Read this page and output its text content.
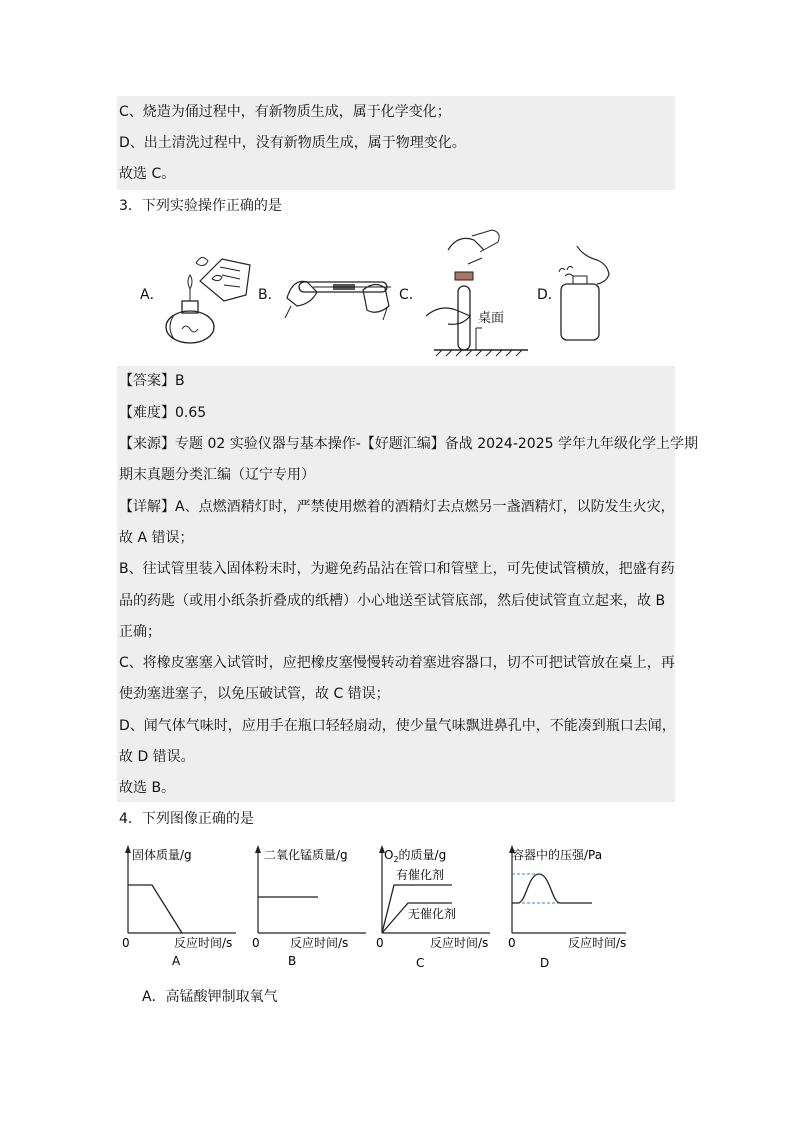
C、烧造为俑过程中，有新物质生成，属于化学变化；
D、出土清洗过程中，没有新物质生成，属于物理变化。
故选 C。
3．下列实验操作正确的是
A．	B．	C．	D．
桌面
【答案】B
【难度】0.65
【来源】专题 02 实验仪器与基本操作-【好题汇编】备战 2024-2025 学年九年级化学上学期
期末真题分类汇编（辽宁专用）
【详解】A、点燃酒精灯时，严禁使用燃着的酒精灯去点燃另一盏酒精灯，以防发生火灾，
故 A 错误；
B、往试管里装入固体粉末时，为避免药品沾在管口和管壁上，可先使试管横放，把盛有药
品的药匙（或用小纸条折叠成的纸槽）小心地送至试管底部，然后使试管直立起来，故 B
正确；
C、将橡皮塞塞入试管时，应把橡皮塞慢慢转动着塞进容器口，切不可把试管放在桌上，再
使劲塞进塞子，以免压破试管，故 C 错误；
D、闻气体气味时，应用手在瓶口轻轻扇动，使少量气味飘进鼻孔中，不能凑到瓶口去闻，
故 D 错误。
故选 B。
4．下列图像正确的是
固体质量/g
0	反应时间/s
A
二氧化锰质量/g
0	反应时间/s
B
$O_2$的质量/g
有催化剂
无催化剂
0	反应时间/s
C
容器中的压强/Pa
0	反应时间/s
D
A．高锰酸钾制取氧气
